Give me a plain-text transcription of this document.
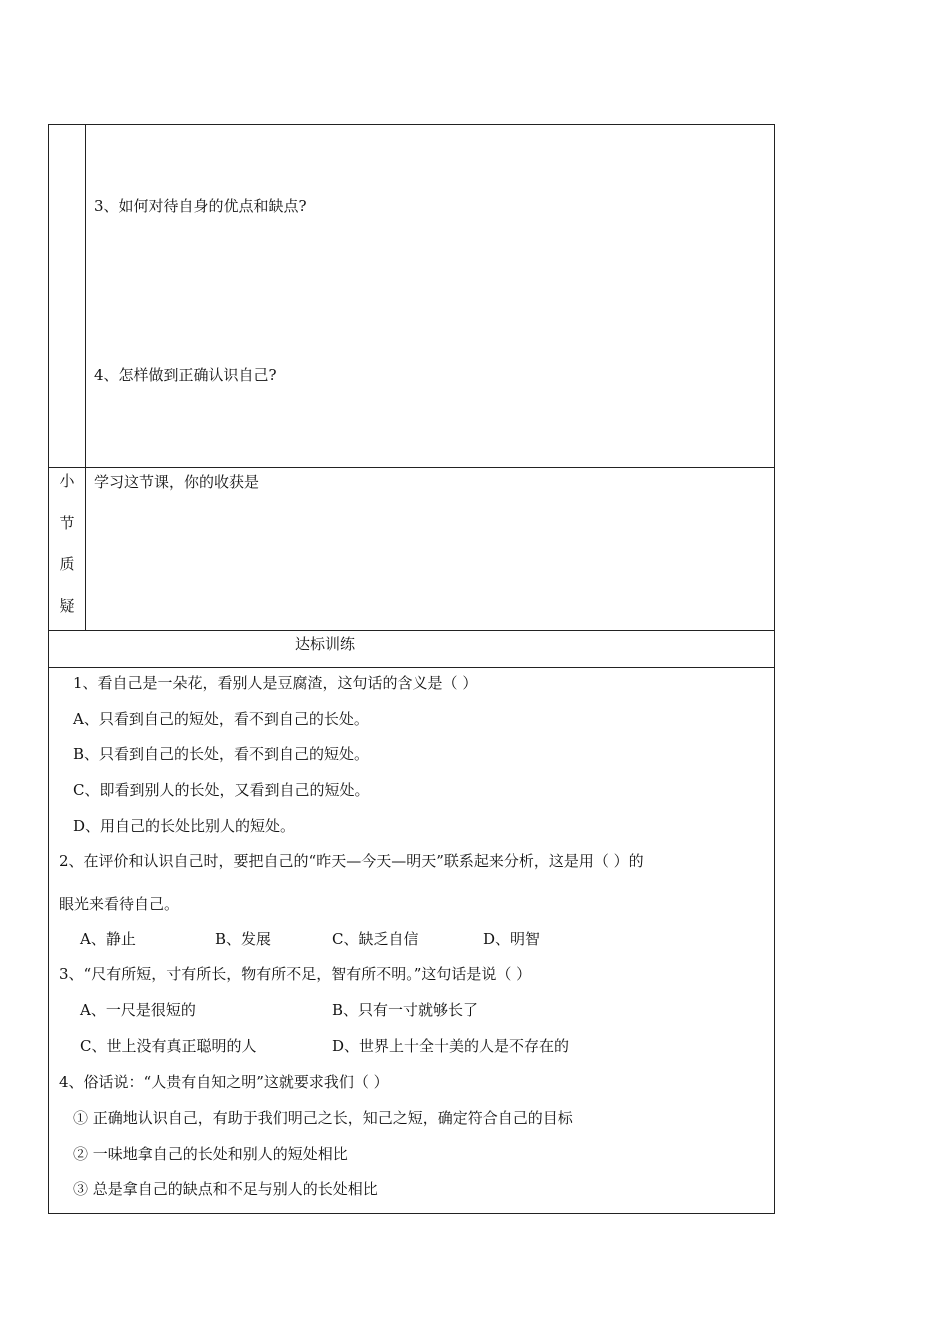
3、如何对待自身的优点和缺点?
4、怎样做到正确认识自己?
小
节
质
疑
学习这节课，你的收获是
达标训练
1、看自己是一朵花，看别人是豆腐渣，这句话的含义是（ ）
A、只看到自己的短处，看不到自己的长处。
B、只看到自己的长处，看不到自己的短处。
C、即看到别人的长处，又看到自己的短处。
D、用自己的长处比别人的短处。
2、在评价和认识自己时，要把自己的“昨天—今天—明天”联系起来分析，这是用（ ）的
眼光来看待自己。
A、静止	B、发展	C、缺乏自信	D、明智
3、“尺有所短，寸有所长，物有所不足，智有所不明。”这句话是说（ ）
A、一尺是很短的	B、只有一寸就够长了
C、世上没有真正聪明的人	D、世界上十全十美的人是不存在的
4、俗话说：“人贵有自知之明”这就要求我们（ ）
① 正确地认识自己，有助于我们明己之长，知己之短，确定符合自己的目标
② 一味地拿自己的长处和别人的短处相比
③ 总是拿自己的缺点和不足与别人的长处相比
